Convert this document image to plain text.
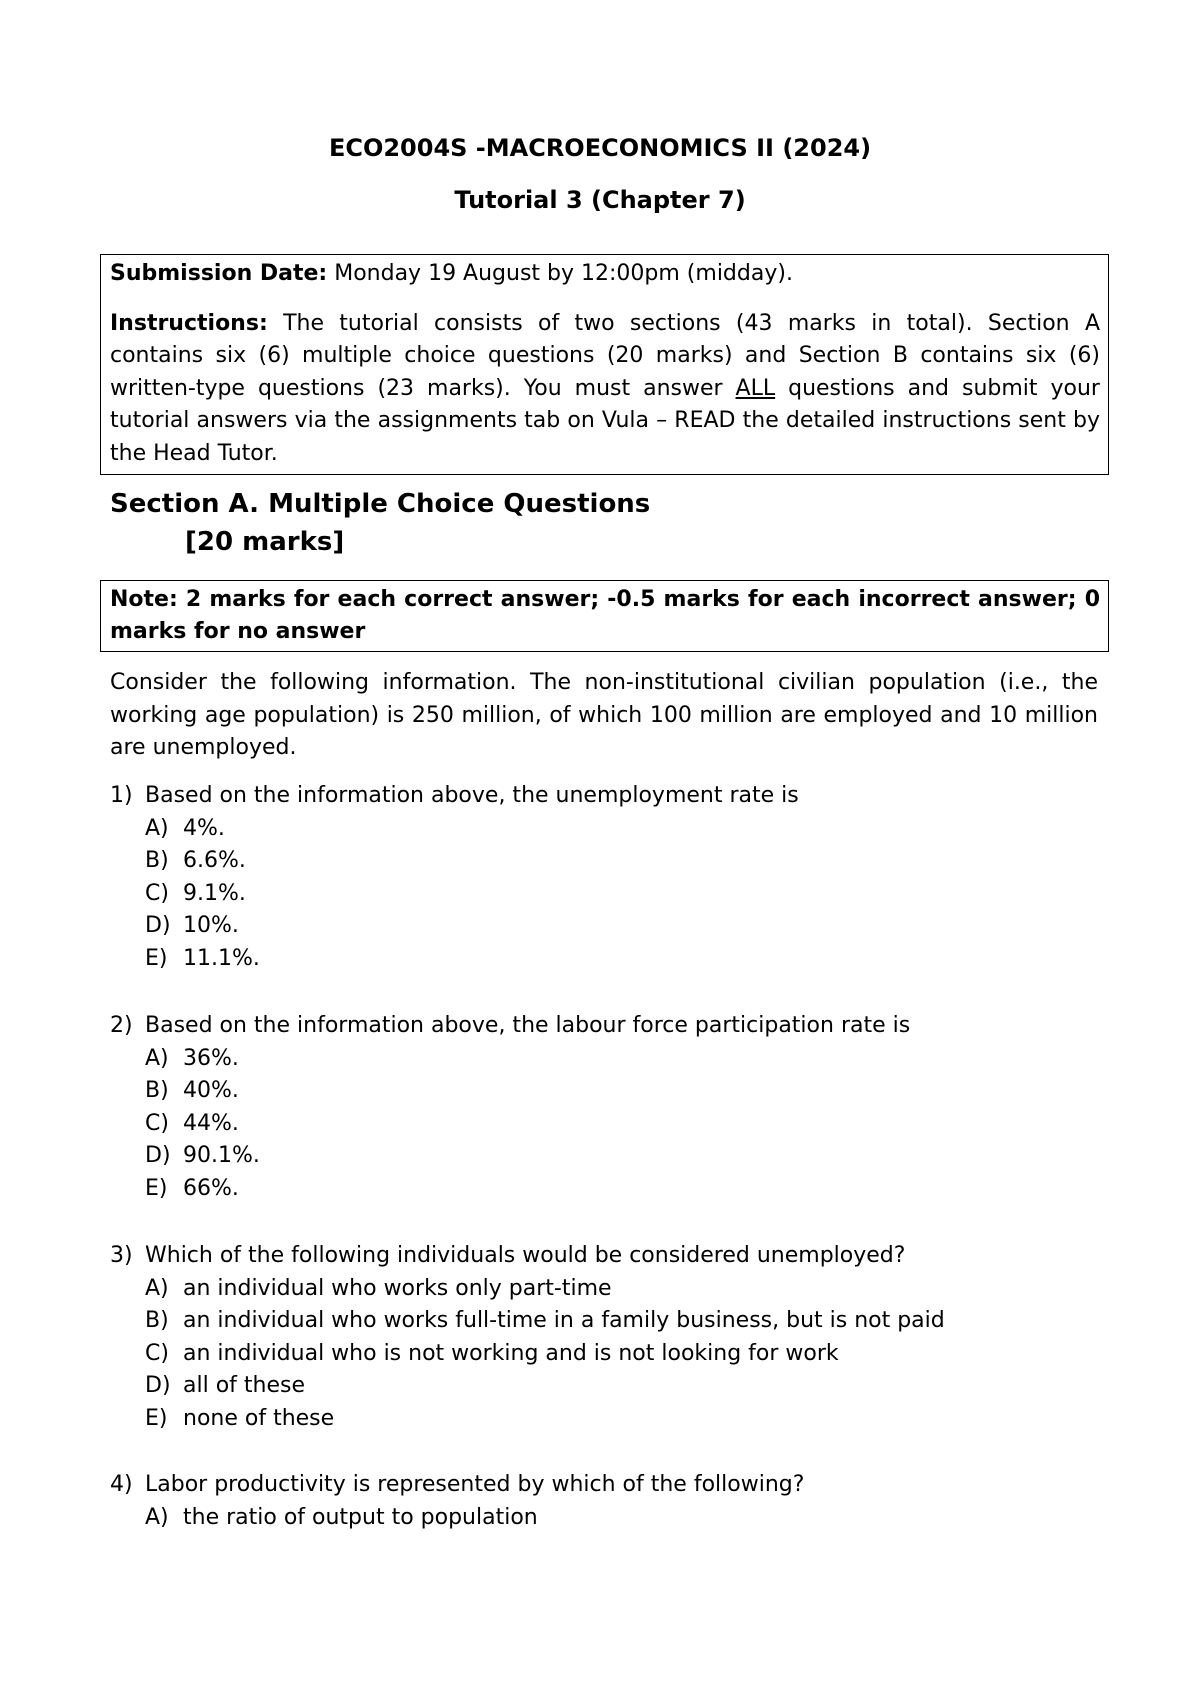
ECO2004S -MACROECONOMICS II (2024)
Tutorial 3 (Chapter 7)

Submission Date: Monday 19 August by 12:00pm (midday).

Instructions: The tutorial consists of two sections (43 marks in total). Section A contains six (6) multiple choice questions (20 marks) and Section B contains six (6) written-type questions (23 marks). You must answer ALL questions and submit your tutorial answers via the assignments tab on Vula – READ the detailed instructions sent by the Head Tutor.

Section A. Multiple Choice Questions
[20 marks]

Note: 2 marks for each correct answer; -0.5 marks for each incorrect answer; 0 marks for no answer

Consider the following information. The non-institutional civilian population (i.e., the working age population) is 250 million, of which 100 million are employed and 10 million are unemployed.

1) Based on the information above, the unemployment rate is
A) 4%.
B) 6.6%.
C) 9.1%.
D) 10%.
E) 11.1%.
2) Based on the information above, the labour force participation rate is
A) 36%.
B) 40%.
C) 44%.
D) 90.1%.
E) 66%.
3) Which of the following individuals would be considered unemployed?
A) an individual who works only part-time
B) an individual who works full-time in a family business, but is not paid
C) an individual who is not working and is not looking for work
D) all of these
E) none of these
4) Labor productivity is represented by which of the following?
A) the ratio of output to population
